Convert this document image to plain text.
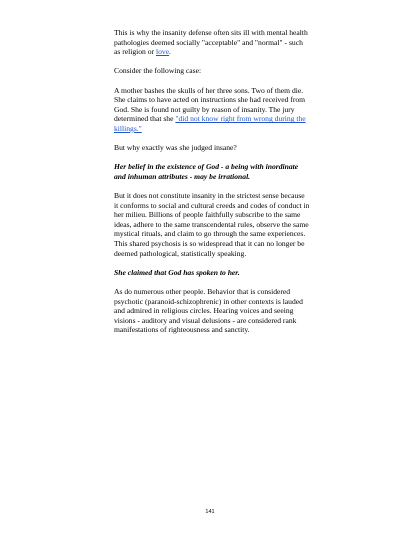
This is why the insanity defense often sits ill with mental health pathologies deemed socially "acceptable" and "normal" - such as religion or love.

Consider the following case:

A mother bashes the skulls of her three sons. Two of them die. She claims to have acted on instructions she had received from God. She is found not guilty by reason of insanity. The jury determined that she "did not know right from wrong during the killings."

But why exactly was she judged insane?

Her belief in the existence of God - a being with inordinate and inhuman attributes - may be irrational.

But it does not constitute insanity in the strictest sense because it conforms to social and cultural creeds and codes of conduct in her milieu. Billions of people faithfully subscribe to the same ideas, adhere to the same transcendental rules, observe the same mystical rituals, and claim to go through the same experiences. This shared psychosis is so widespread that it can no longer be deemed pathological, statistically speaking.

She claimed that God has spoken to her.

As do numerous other people. Behavior that is considered psychotic (paranoid-schizophrenic) in other contexts is lauded and admired in religious circles. Hearing voices and seeing visions - auditory and visual delusions - are considered rank manifestations of righteousness and sanctity.

141
